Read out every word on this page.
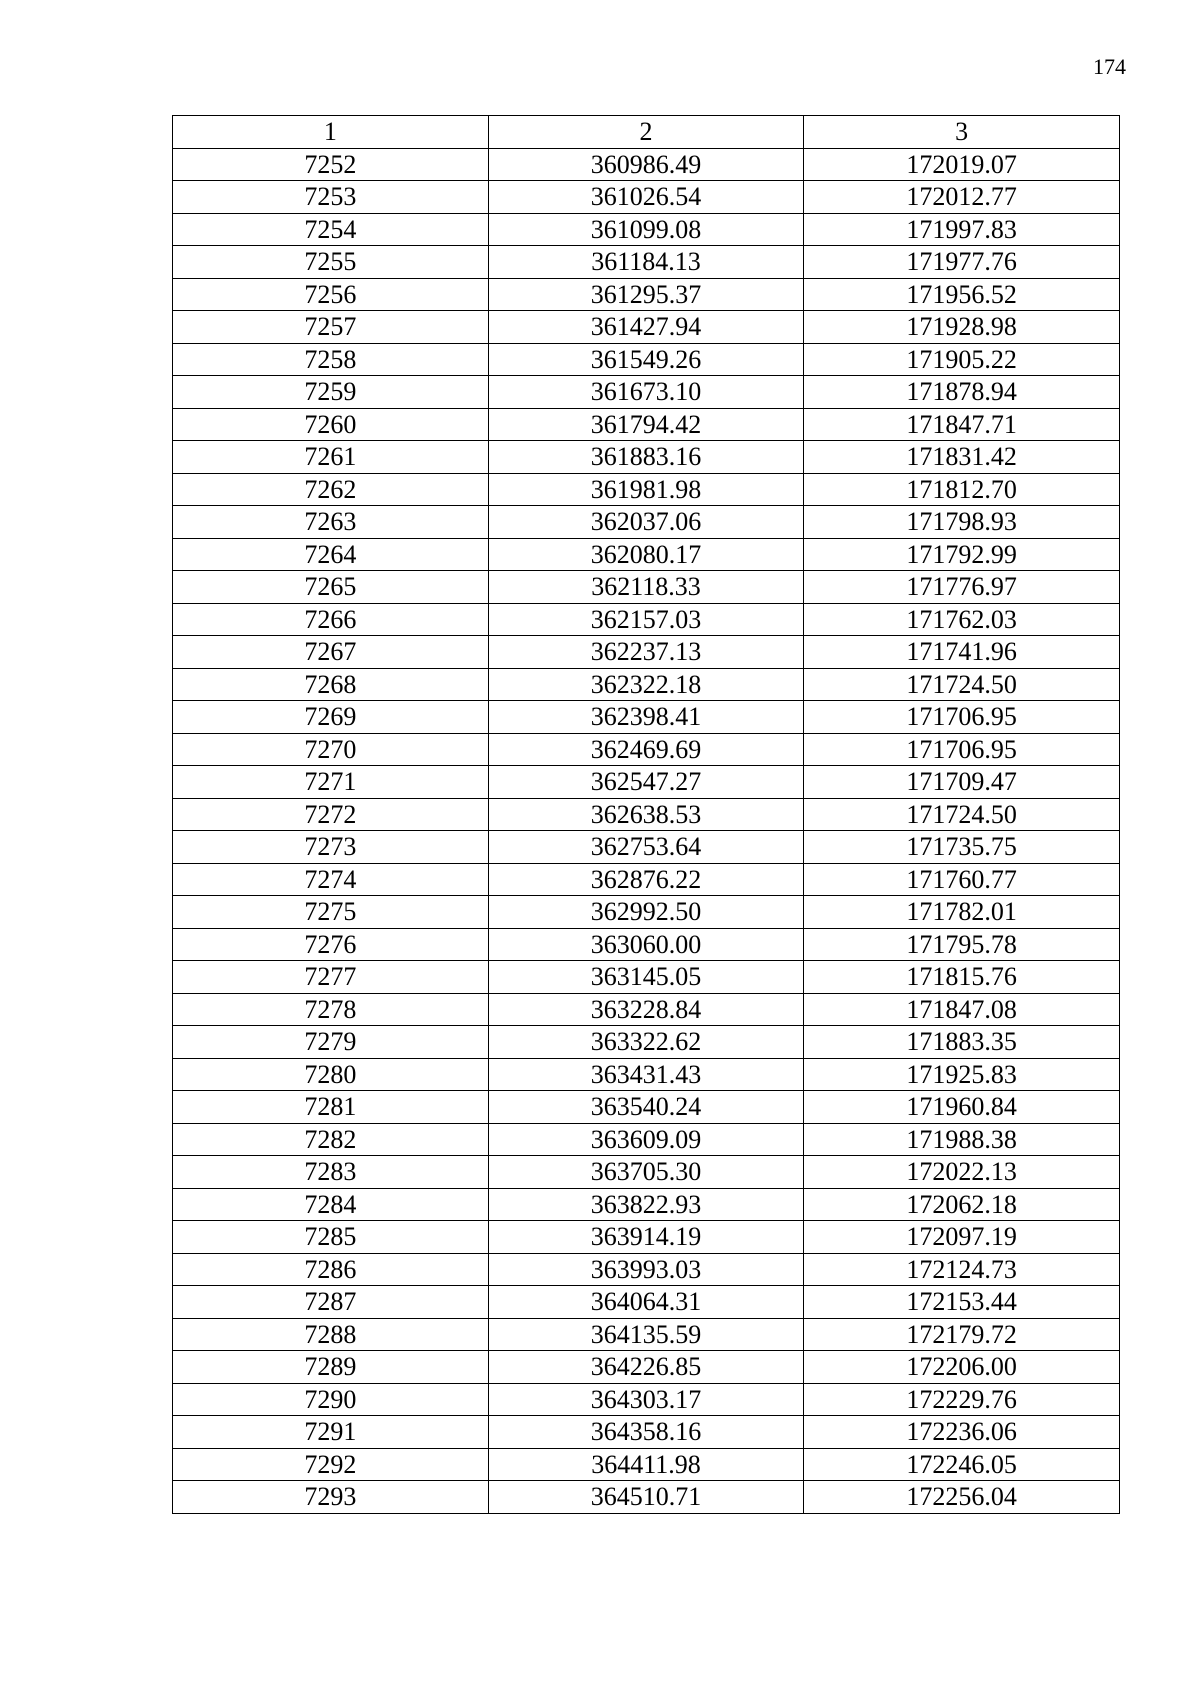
174
1	2	3
7252	360986.49	172019.07
7253	361026.54	172012.77
7254	361099.08	171997.83
7255	361184.13	171977.76
7256	361295.37	171956.52
7257	361427.94	171928.98
7258	361549.26	171905.22
7259	361673.10	171878.94
7260	361794.42	171847.71
7261	361883.16	171831.42
7262	361981.98	171812.70
7263	362037.06	171798.93
7264	362080.17	171792.99
7265	362118.33	171776.97
7266	362157.03	171762.03
7267	362237.13	171741.96
7268	362322.18	171724.50
7269	362398.41	171706.95
7270	362469.69	171706.95
7271	362547.27	171709.47
7272	362638.53	171724.50
7273	362753.64	171735.75
7274	362876.22	171760.77
7275	362992.50	171782.01
7276	363060.00	171795.78
7277	363145.05	171815.76
7278	363228.84	171847.08
7279	363322.62	171883.35
7280	363431.43	171925.83
7281	363540.24	171960.84
7282	363609.09	171988.38
7283	363705.30	172022.13
7284	363822.93	172062.18
7285	363914.19	172097.19
7286	363993.03	172124.73
7287	364064.31	172153.44
7288	364135.59	172179.72
7289	364226.85	172206.00
7290	364303.17	172229.76
7291	364358.16	172236.06
7292	364411.98	172246.05
7293	364510.71	172256.04
